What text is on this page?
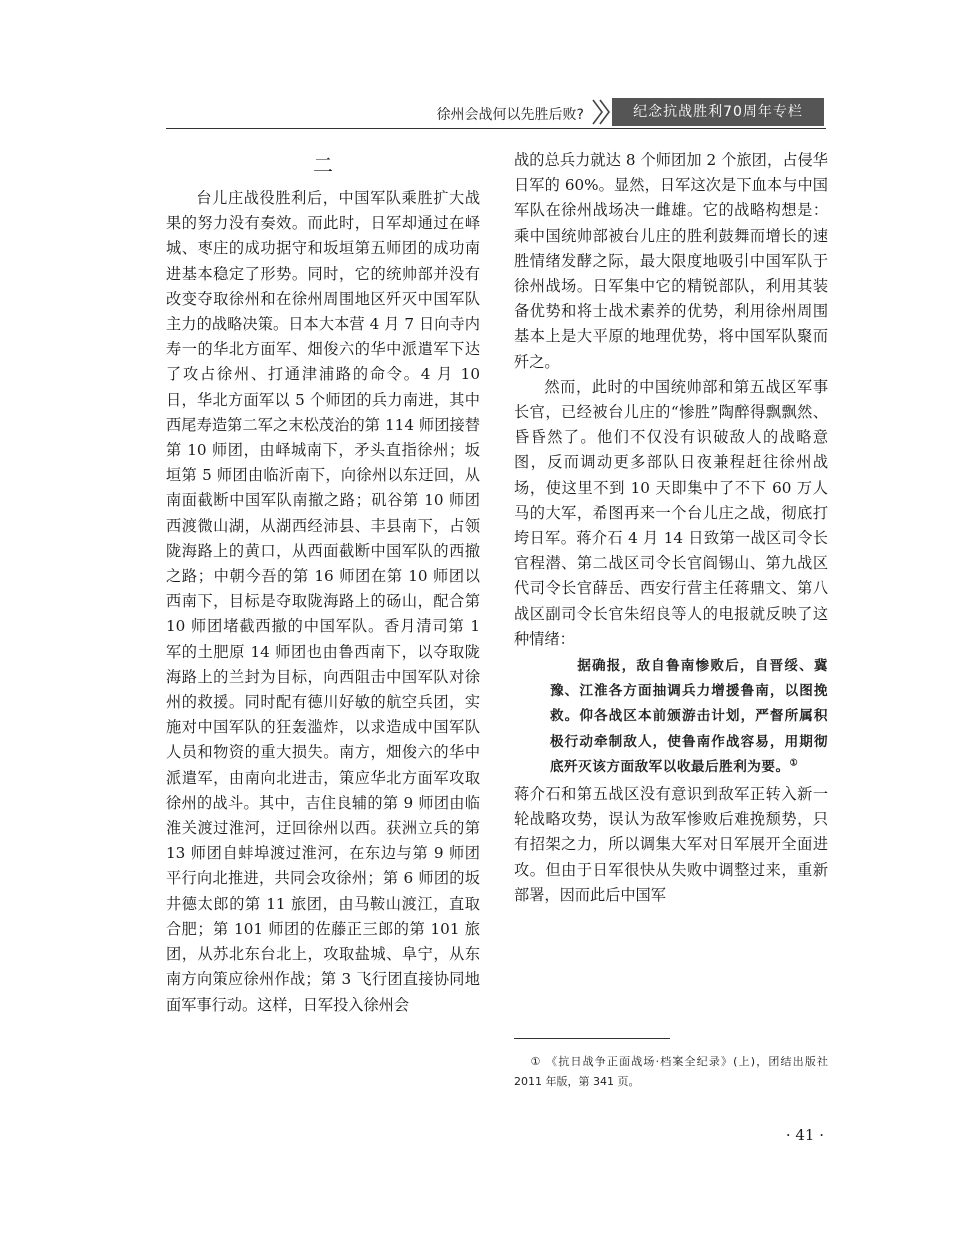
徐州会战何以先胜后败?	纪念抗战胜利70周年专栏
二

台儿庄战役胜利后，中国军队乘胜扩大战果的努力没有奏效。而此时，日军却通过在峄城、枣庄的成功据守和坂垣第五师团的成功南进基本稳定了形势。同时，它的统帅部并没有改变夺取徐州和在徐州周围地区歼灭中国军队主力的战略决策。日本大本营 4 月 7 日向寺内寿一的华北方面军、畑俊六的华中派遣军下达了攻占徐州、打通津浦路的命令。4 月 10 日，华北方面军以 5 个师团的兵力南进，其中西尾寿造第二军之末松茂治的第 114 师团接替第 10 师团，由峄城南下，矛头直指徐州；坂垣第 5 师团由临沂南下，向徐州以东迂回，从南面截断中国军队南撤之路；矶谷第 10 师团西渡微山湖，从湖西经沛县、丰县南下，占领陇海路上的黄口，从西面截断中国军队的西撤之路；中朝今吾的第 16 师团在第 10 师团以西南下，目标是夺取陇海路上的砀山，配合第 10 师团堵截西撤的中国军队。香月清司第 1 军的土肥原 14 师团也由鲁西南下，以夺取陇海路上的兰封为目标，向西阻击中国军队对徐州的救援。同时配有德川好敏的航空兵团，实施对中国军队的狂轰滥炸，以求造成中国军队人员和物资的重大损失。南方，畑俊六的华中派遣军，由南向北进击，策应华北方面军攻取徐州的战斗。其中，吉住良辅的第 9 师团由临淮关渡过淮河，迂回徐州以西。获洲立兵的第 13 师团自蚌埠渡过淮河，在东边与第 9 师团平行向北推进，共同会攻徐州；第 6 师团的坂井德太郎的第 11 旅团，由马鞍山渡江，直取合肥；第 101 师团的佐藤正三郎的第 101 旅团，从苏北东台北上，攻取盐城、阜宁，从东南方向策应徐州作战；第 3 飞行团直接协同地面军事行动。这样，日军投入徐州会

战的总兵力就达 8 个师团加 2 个旅团，占侵华日军的 60%。显然，日军这次是下血本与中国军队在徐州战场决一雌雄。它的战略构想是：乘中国统帅部被台儿庄的胜利鼓舞而增长的速胜情绪发酵之际，最大限度地吸引中国军队于徐州战场。日军集中它的精锐部队，利用其装备优势和将士战术素养的优势，利用徐州周围基本上是大平原的地理优势，将中国军队聚而歼之。

然而，此时的中国统帅部和第五战区军事长官，已经被台儿庄的“惨胜”陶醉得飘飘然、昏昏然了。他们不仅没有识破敌人的战略意图，反而调动更多部队日夜兼程赶往徐州战场，使这里不到 10 天即集中了不下 60 万人马的大军，希图再来一个台儿庄之战，彻底打垮日军。蒋介石 4 月 14 日致第一战区司令长官程潜、第二战区司令长官阎锡山、第九战区代司令长官薛岳、西安行营主任蒋鼎文、第八战区副司令长官朱绍良等人的电报就反映了这种情绪：

据确报，敌自鲁南惨败后，自晋绥、冀豫、江淮各方面抽调兵力增援鲁南，以图挽救。仰各战区本前颁游击计划，严督所属积极行动牵制敌人，使鲁南作战容易，用期彻底歼灭该方面敌军以收最后胜利为要。①

蒋介石和第五战区没有意识到敌军正转入新一轮战略攻势，误认为敌军惨败后难挽颓势，只有招架之力，所以调集大军对日军展开全面进攻。但由于日军很快从失败中调整过来，重新部署，因而此后中国军

① 《抗日战争正面战场·档案全纪录》(上)，团结出版社 2011 年版，第 341 页。
· 41 ·
